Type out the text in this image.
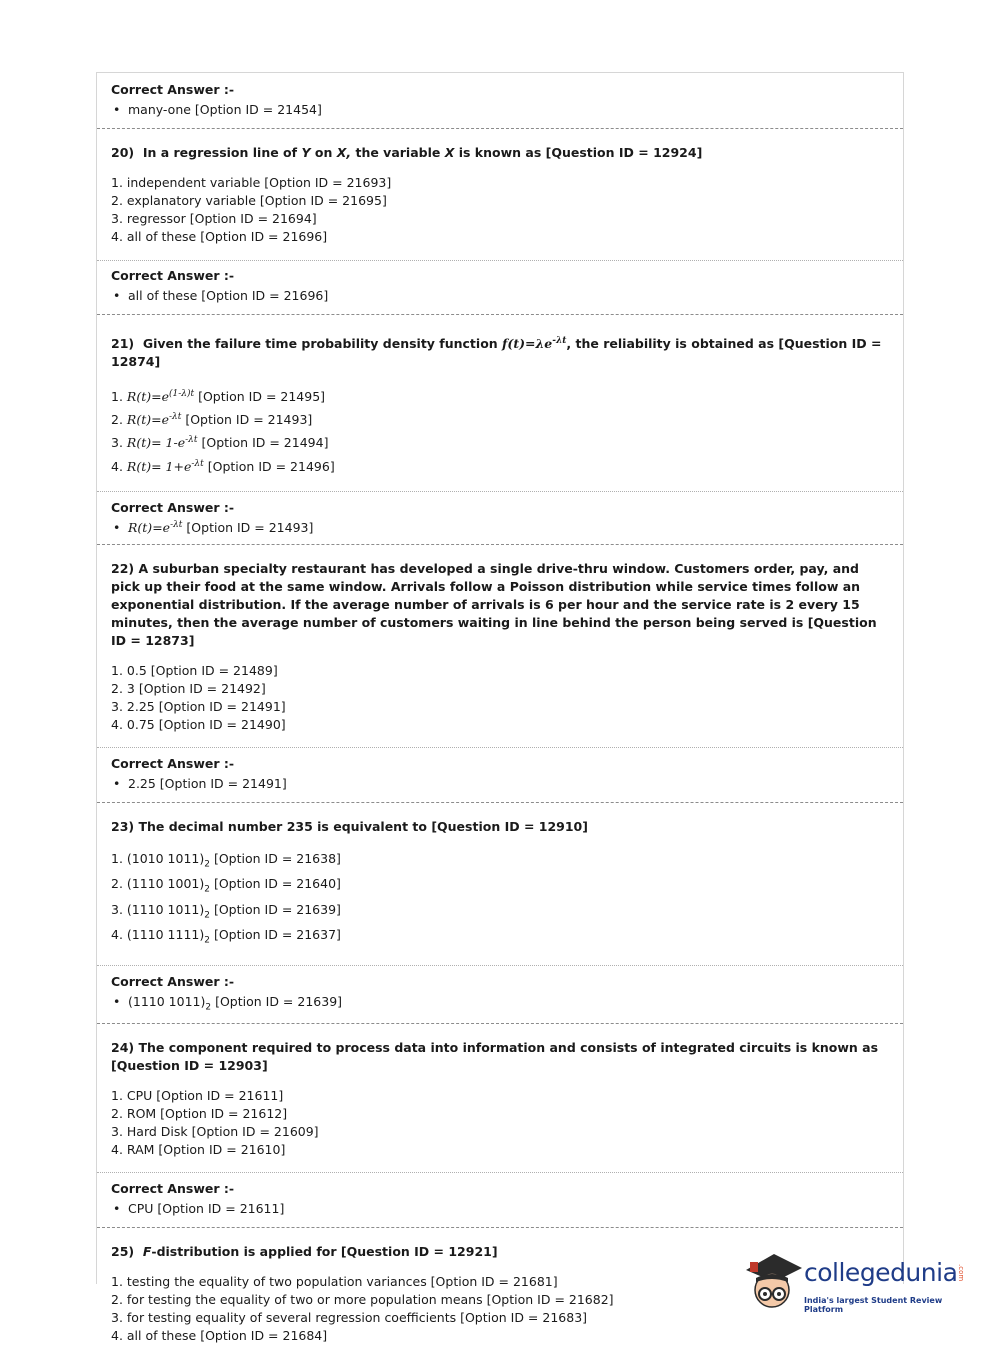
Correct Answer :-
• many-one [Option ID = 21454]
20) In a regression line of Y on X, the variable X is known as [Question ID = 12924]
1. independent variable [Option ID = 21693]
2. explanatory variable [Option ID = 21695]
3. regressor [Option ID = 21694]
4. all of these [Option ID = 21696]
Correct Answer :-
• all of these [Option ID = 21696]
21) Given the failure time probability density function $f(t)=\lambda e^{-\lambda t}$, the reliability is obtained as [Question ID = 12874]
1. $R(t)=e^{(1-\lambda)t}$ [Option ID = 21495]
2. $R(t)=e^{-\lambda t}$ [Option ID = 21493]
3. $R(t)= 1-e^{-\lambda t}$ [Option ID = 21494]
4. $R(t)= 1+e^{-\lambda t}$ [Option ID = 21496]
Correct Answer :-
• $R(t)=e^{-\lambda t}$ [Option ID = 21493]
22) A suburban specialty restaurant has developed a single drive-thru window. Customers order, pay, and pick up their food at the same window. Arrivals follow a Poisson distribution while service times follow an exponential distribution. If the average number of arrivals is 6 per hour and the service rate is 2 every 15 minutes, then the average number of customers waiting in line behind the person being served is [Question ID = 12873]
1. 0.5 [Option ID = 21489]
2. 3 [Option ID = 21492]
3. 2.25 [Option ID = 21491]
4. 0.75 [Option ID = 21490]
Correct Answer :-
• 2.25 [Option ID = 21491]
23) The decimal number 235 is equivalent to [Question ID = 12910]
1. (1010 $1011)_2$ [Option ID = 21638]
2. (1110 $1001)_2$ [Option ID = 21640]
3. (1110 $1011)_2$ [Option ID = 21639]
4. (1110 $1111)_2$ [Option ID = 21637]
Correct Answer :-
• (1110 $1011)_2$ [Option ID = 21639]
24) The component required to process data into information and consists of integrated circuits is known as [Question ID = 12903]
1. CPU [Option ID = 21611]
2. ROM [Option ID = 21612]
3. Hard Disk [Option ID = 21609]
4. RAM [Option ID = 21610]
Correct Answer :-
• CPU [Option ID = 21611]
25) F-distribution is applied for [Question ID = 12921]
1. testing the equality of two population variances [Option ID = 21681]
2. for testing the equality of two or more population means [Option ID = 21682]
3. for testing equality of several regression coefficients [Option ID = 21683]
4. all of these [Option ID = 21684]
collegedunia .com
India's largest Student Review Platform
